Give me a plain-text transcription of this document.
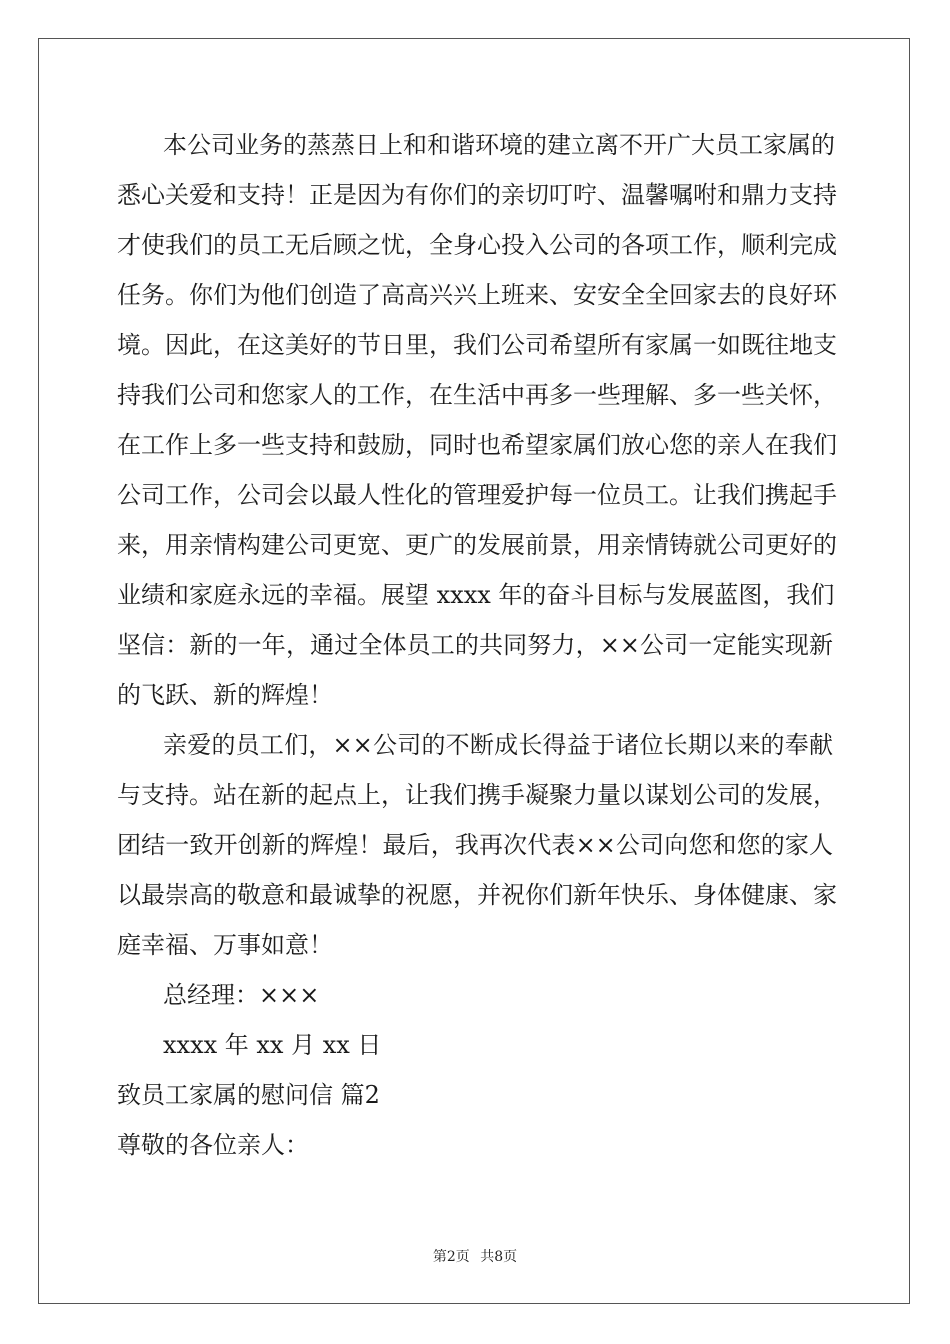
本公司业务的蒸蒸日上和和谐环境的建立离不开广大员工家属的
悉心关爱和支持！正是因为有你们的亲切叮咛、温馨嘱咐和鼎力支持
才使我们的员工无后顾之忧，全身心投入公司的各项工作，顺利完成
任务。你们为他们创造了高高兴兴上班来、安安全全回家去的良好环
境。因此，在这美好的节日里，我们公司希望所有家属一如既往地支
持我们公司和您家人的工作，在生活中再多一些理解、多一些关怀，
在工作上多一些支持和鼓励，同时也希望家属们放心您的亲人在我们
公司工作，公司会以最人性化的管理爱护每一位员工。让我们携起手
来，用亲情构建公司更宽、更广的发展前景，用亲情铸就公司更好的
业绩和家庭永远的幸福。展望 xxxx 年的奋斗目标与发展蓝图，我们
坚信：新的一年，通过全体员工的共同努力，××公司一定能实现新
的飞跃、新的辉煌！
亲爱的员工们，××公司的不断成长得益于诸位长期以来的奉献
与支持。站在新的起点上，让我们携手凝聚力量以谋划公司的发展，
团结一致开创新的辉煌！最后，我再次代表××公司向您和您的家人
以最崇高的敬意和最诚挚的祝愿，并祝你们新年快乐、身体健康、家
庭幸福、万事如意！
总经理：×××
xxxx 年 xx 月 xx 日
致员工家属的慰问信 篇2
尊敬的各位亲人：
第2页 共8页
